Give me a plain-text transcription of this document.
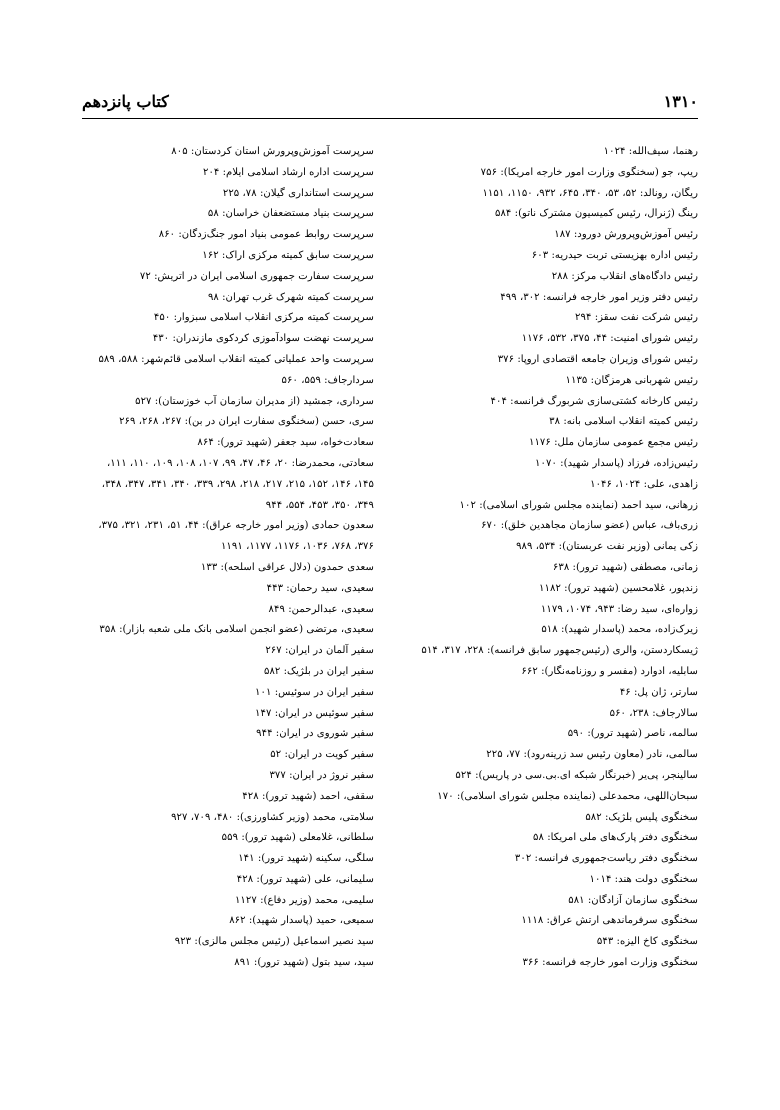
۱۳۱۰
کتاب پانزدهم
رهنما، سیف‌الله: ۱۰۲۴
ریپ، جو (سخنگوی وزارت امور خارجه امریکا): ۷۵۶
ریگان، رونالد: ۵۲، ۵۳، ۳۴۰، ۶۴۵، ۹۳۲، ۱۱۵۰، ۱۱۵۱
رینگ (ژنرال، رئیس کمیسیون مشترک ناتو): ۵۸۴
رئیس آموزش‌وپرورش دورود: ۱۸۷
رئیس اداره بهزیستی تربت حیدریه: ۶۰۳
رئیس دادگاه‌های انقلاب مرکز: ۲۸۸
رئیس دفتر وزیر امور خارجه فرانسه: ۳۰۲، ۴۹۹
رئیس شرکت نفت سقز: ۲۹۴
رئیس شورای امنیت: ۴۴، ۳۷۵، ۵۳۲، ۱۱۷۶
رئیس شورای وزیران جامعه اقتصادی اروپا: ۳۷۶
رئیس شهربانی هرمزگان: ۱۱۳۵
رئیس کارخانه کشتی‌سازی شربورگ فرانسه: ۴۰۴
رئیس کمیته انقلاب اسلامی بانه: ۳۸
رئیس مجمع عمومی سازمان ملل: ۱۱۷۶
رئیس‌زاده، فرزاد (پاسدار شهید): ۱۰۷۰
زاهدی، علی: ۱۰۲۴، ۱۰۴۶
زرهانی، سید احمد (نماینده مجلس شورای اسلامی): ۱۰۲
زری‌باف، عباس (عضو سازمان مجاهدین خلق): ۶۷۰
زکی یمانی (وزیر نفت عربستان): ۵۳۴، ۹۸۹
زمانی، مصطفی (شهید ترور): ۶۳۸
زندپور، غلامحسین (شهید ترور): ۱۱۸۲
زواره‌ای، سید رضا: ۹۴۳، ۱۰۷۴، ۱۱۷۹
زیرک‌زاده، محمد (پاسدار شهید): ۵۱۸
ژیسکاردستن، والری (رئیس‌جمهور سابق فرانسه): ۲۲۸، ۳۱۷، ۵۱۴
سابلیه، ادوارد (مفسر و روزنامه‌نگار): ۶۶۲
سارتر، ژان پل: ۴۶
سالارجاف: ۲۳۸، ۵۶۰
سالمه، ناصر (شهید ترور): ۵۹۰
سالمی، نادر (معاون رئیس سد زرینه‌رود): ۷۷، ۲۲۵
سالینجر، پی‌یر (خبرنگار شبکه ای.بی.سی در پاریس): ۵۲۴
سبحان‌اللهی، محمدعلی (نماینده مجلس شورای اسلامی): ۱۷۰
سخنگوی پلیس بلژیک: ۵۸۲
سخنگوی دفتر پارک‌های ملی امریکا: ۵۸
سخنگوی دفتر ریاست‌جمهوری فرانسه: ۳۰۲
سخنگوی دولت هند: ۱۰۱۴
سخنگوی سازمان آزادگان: ۵۸۱
سخنگوی سرفرماندهی ارتش عراق: ۱۱۱۸
سخنگوی کاخ الیزه: ۵۴۳
سخنگوی وزارت امور خارجه فرانسه: ۳۶۶
سرپرست آموزش‌وپرورش استان کردستان: ۸۰۵
سرپرست اداره ارشاد اسلامی ایلام: ۲۰۴
سرپرست استانداری گیلان: ۷۸، ۲۲۵
سرپرست بنیاد مستضعفان خراسان: ۵۸
سرپرست روابط عمومی بنیاد امور جنگ‌زدگان: ۸۶۰
سرپرست سابق کمیته مرکزی اراک: ۱۶۲
سرپرست سفارت جمهوری اسلامی ایران در اتریش: ۷۲
سرپرست کمیته شهرک غرب تهران: ۹۸
سرپرست کمیته مرکزی انقلاب اسلامی سبزوار: ۴۵۰
سرپرست نهضت سوادآموزی کردکوی مازندران: ۴۳۰
سرپرست واحد عملیاتی کمیته انقلاب اسلامی قائم‌شهر: ۵۸۸، ۵۸۹
سردارجاف: ۵۵۹، ۵۶۰
سرداری، جمشید (از مدیران سازمان آب خوزستان): ۵۲۷
سری، حسن (سخنگوی سفارت ایران در بن): ۲۶۷، ۲۶۸، ۲۶۹
سعادت‌خواه، سید جعفر (شهید ترور): ۸۶۴
سعادتی، محمدرضا: ۲۰، ۴۶، ۴۷، ۹۹، ۱۰۷، ۱۰۸، ۱۰۹، ۱۱۰، ۱۱۱،
۱۴۵، ۱۴۶، ۱۵۲، ۲۱۵، ۲۱۷، ۲۱۸، ۲۹۸، ۳۳۹، ۳۴۰، ۳۴۱، ۳۴۷، ۳۴۸،
۳۴۹، ۳۵۰، ۴۵۳، ۵۵۴، ۹۴۴
سعدون حمادی (وزیر امور خارجه عراق): ۴۴، ۵۱، ۲۳۱، ۳۲۱، ۳۷۵،
۳۷۶، ۷۶۸، ۱۰۳۶، ۱۱۷۶، ۱۱۷۷، ۱۱۹۱
سعدی حمدون (دلال عراقی اسلحه): ۱۳۳
سعیدی، سید رحمان: ۴۴۳
سعیدی، عبدالرحمن: ۸۴۹
سعیدی، مرتضی (عضو انجمن اسلامی بانک ملی شعبه بازار): ۳۵۸
سفیر آلمان در ایران: ۲۶۷
سفیر ایران در بلژیک: ۵۸۲
سفیر ایران در سوئیس: ۱۰۱
سفیر سوئیس در ایران: ۱۴۷
سفیر شوروی در ایران: ۹۴۴
سفیر کویت در ایران: ۵۲
سفیر نروژ در ایران: ۳۷۷
سقفی، احمد (شهید ترور): ۴۲۸
سلامتی، محمد (وزیر کشاورزی): ۴۸۰، ۷۰۹، ۹۲۷
سلطانی، غلامعلی (شهید ترور): ۵۵۹
سلگی، سکینه (شهید ترور): ۱۴۱
سلیمانی، علی (شهید ترور): ۴۲۸
سلیمی، محمد (وزیر دفاع): ۱۱۲۷
سمیعی، حمید (پاسدار شهید): ۸۶۲
سید نصیر اسماعیل (رئیس مجلس مالزی): ۹۲۳
سید، سید بتول (شهید ترور): ۸۹۱
